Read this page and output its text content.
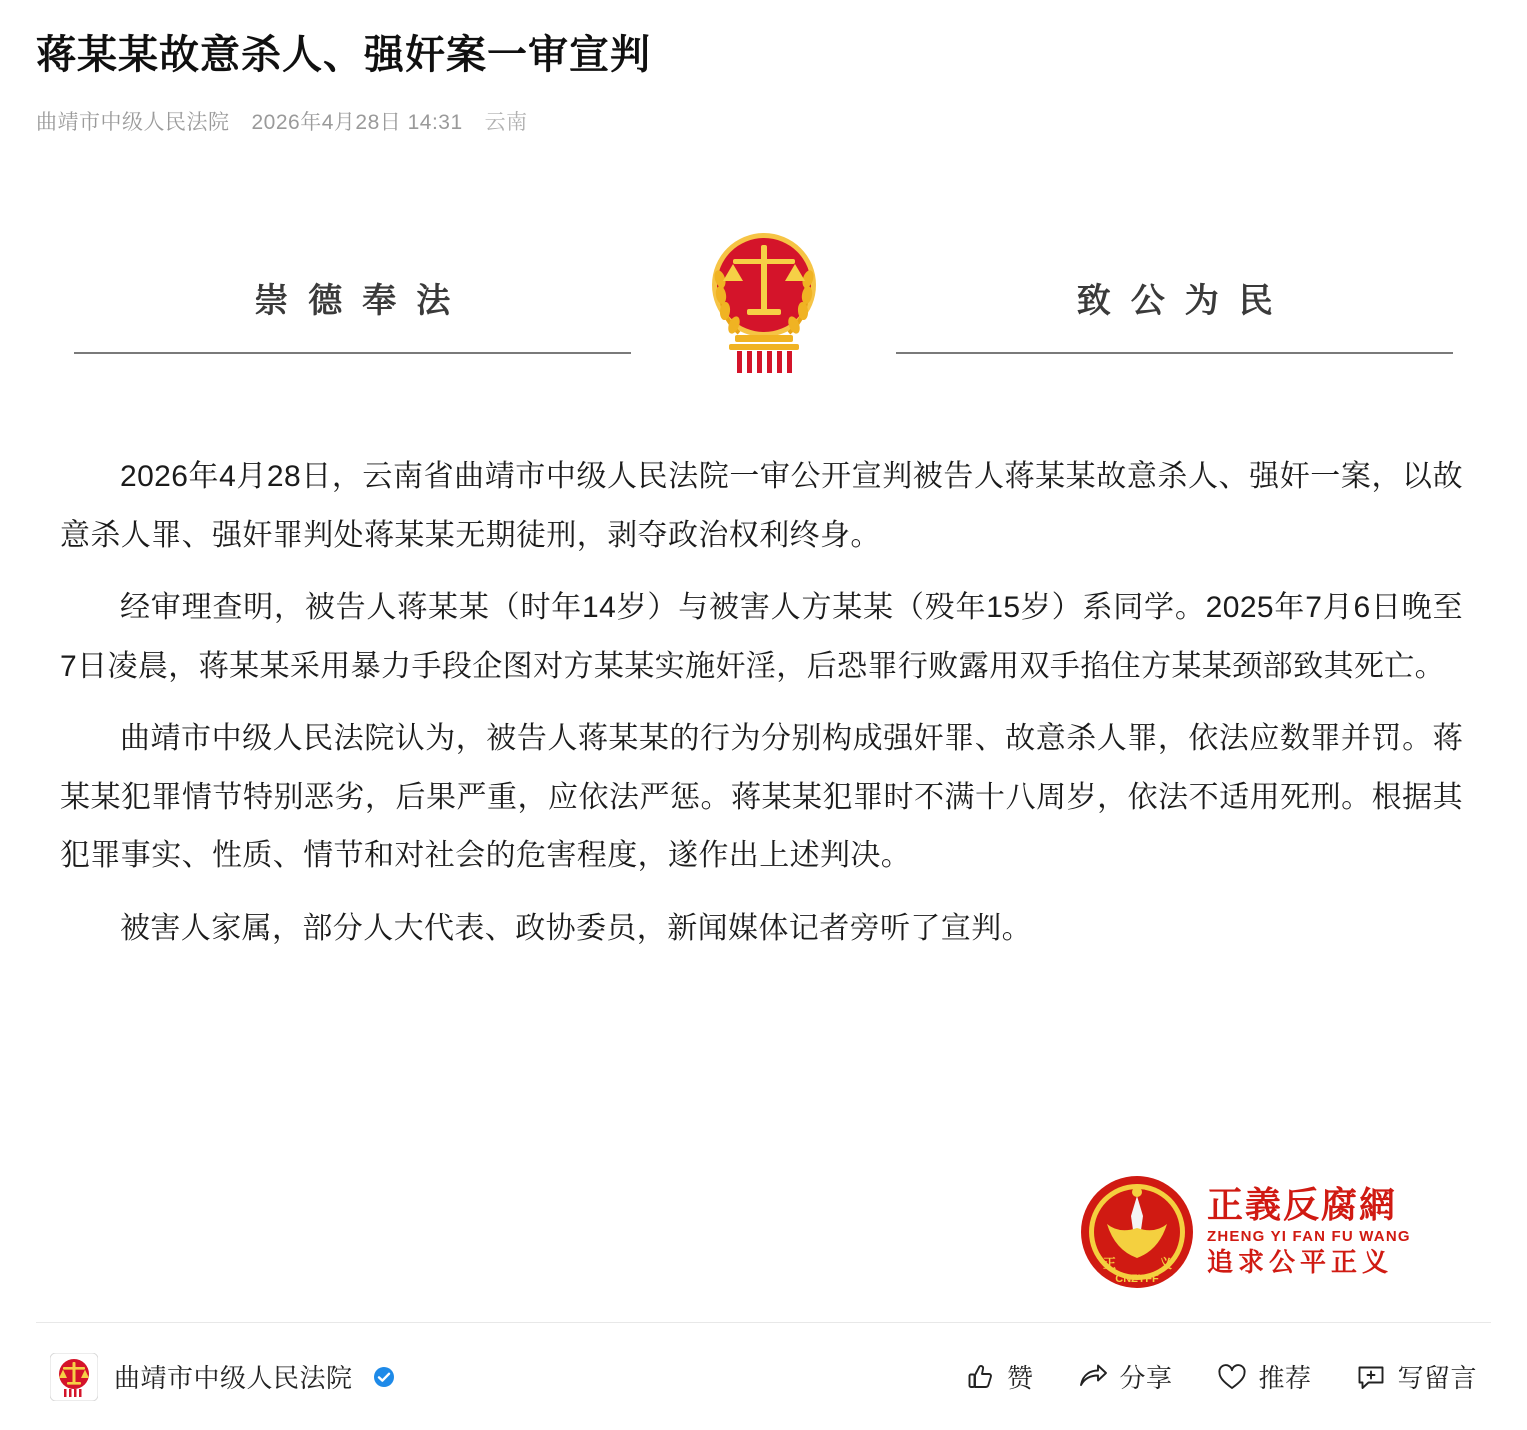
蒋某某故意杀人、强奸案一审宣判
曲靖市中级人民法院 2026年4月28日 14:31 云南
崇德奉法	致公为民

2026年4月28日，云南省曲靖市中级人民法院一审公开宣判被告人蒋某某故意杀人、强奸一案，以故意杀人罪、强奸罪判处蒋某某无期徒刑，剥夺政治权利终身。

经审理查明，被告人蒋某某（时年14岁）与被害人方某某（殁年15岁）系同学。2025年7月6日晚至7日凌晨，蒋某某采用暴力手段企图对方某某实施奸淫，后恐罪行败露用双手掐住方某某颈部致其死亡。

曲靖市中级人民法院认为，被告人蒋某某的行为分别构成强奸罪、故意杀人罪，依法应数罪并罚。蒋某某犯罪情节特别恶劣，后果严重，应依法严惩。蒋某某犯罪时不满十八周岁，依法不适用死刑。根据其犯罪事实、性质、情节和对社会的危害程度，遂作出上述判决。

被害人家属，部分人大代表、政协委员，新闻媒体记者旁听了宣判。

正	义
CNZYFF
正義反腐網
ZHENG YI FAN FU WANG
追求公平正义
曲靖市中级人民法院	赞	分享	推荐	写留言
